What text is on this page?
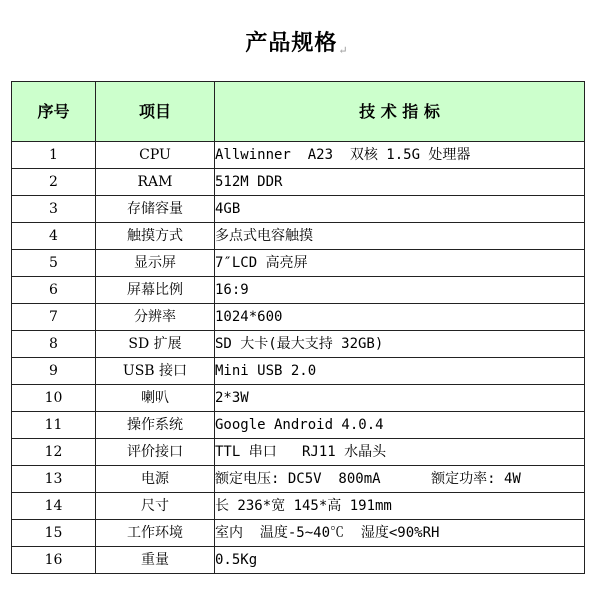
产品规格↵
序号	项目	技 术 指 标
1	CPU	Allwinner  A23  双核 1.5G 处理器
2	RAM	512M DDR
3	存储容量	4GB
4	触摸方式	多点式电容触摸
5	显示屏	7″LCD 高亮屏
6	屏幕比例	16:9
7	分辨率	1024*600
8	SD 扩展	SD 大卡(最大支持 32GB)
9	USB 接口	Mini USB 2.0
10	喇叭	2*3W
11	操作系统	Google Android 4.0.4
12	评价接口	TTL 串口   RJ11 水晶头
13	电源	额定电压: DC5V  800mA      额定功率: 4W
14	尺寸	长 236*宽 145*高 191mm
15	工作环境	室内  温度-5~40℃  湿度<90%RH
16	重量	0.5Kg
